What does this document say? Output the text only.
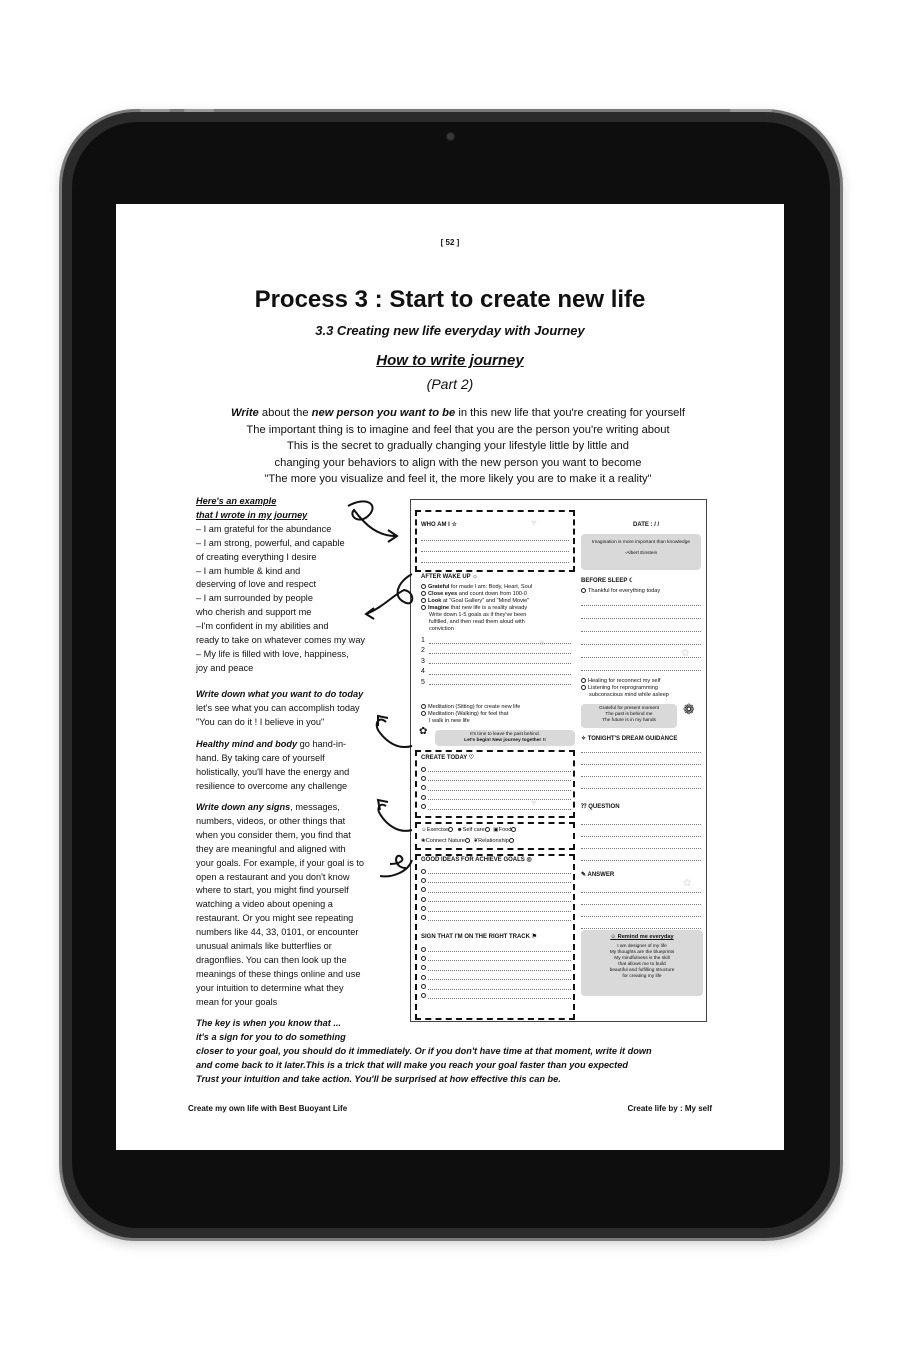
[ 52 ]
Process 3 : Start to create new life
3.3 Creating new life everyday with Journey
How to write journey
(Part 2)
Write about the new person you want to be in this new life that you're creating for yourself
The important thing is to imagine and feel that you are the person you're writing about
This is the secret to gradually changing your lifestyle little by little and
changing your behaviors to align with the new person you want to become
"The more you visualize and feel it, the more likely you are to make it a reality"
Here's an example
that I wrote in my journey
– I am grateful for the abundance
– I am strong, powerful, and capable
of creating everything I desire
– I am humble & kind and
deserving of love and respect
– I am surrounded by people
who cherish and support me
–I'm confident in my abilities and
ready to take on whatever comes my way
– My life is filled with love, happiness,
joy and peace
Write down what you want to do today
let's see what you can accomplish today
"You can do it ! I believe in you"
Healthy mind and body go hand-in-
hand. By taking care of yourself
holistically, you'll have the energy and
resilience to overcome any challenge
Write down any signs, messages,
numbers, videos, or other things that
when you consider them, you find that
they are meaningful and aligned with
your goals. For example, if your goal is to
open a restaurant and you don't know
where to start, you might find yourself
watching a video about opening a
restaurant. Or you might see repeating
numbers like 44, 33, 0101, or encounter
unusual animals like butterflies or
dragonflies. You can then look up the
meanings of these things online and use
your intuition to determine what they
mean for your goals
The key is when you know that ...
it's a sign for you to do something
closer to your goal, you should do it immediately. Or if you don't have time at that moment, write it down
and come back to it later.This is a trick that will make you reach your goal faster than you expected
Trust your intuition and take action. You'll be surprised at how effective this can be.
Create my own life with Best Buoyant Life	Create life by : My self
♥
♥
♥
✿
✿
WHO AM I ☆	DATE : / /
Imagination is more important than knowledge
-Albert Einstein
AFTER WAKE UP ☼
Grateful for made I am: Body, Heart, Soul
Close eyes and count down from 100-0
Look at "Goal Gallery" and "Mind Movie"
Imagine that new life is a reality already
Write down 1-5 goals as if they've been
fulfilled, and then read them aloud with
conviction
1
2
3
4
5
Meditation (Sitting) for create new life
Meditation (Walking) for feel that
I walk in new life
It's time to leave the past behind.
Let's begin! New journey together !!
✿
CREATE TODAY ♡
☺Exercise ☻Self care ▣Food
❀Connect Nature ❦Relationship
GOOD IDEAS FOR ACHIEVE GOALS ◎
SIGN THAT I'M ON THE RIGHT TRACK ⚑
BEFORE SLEEP ☾
Thankful for everything today
Healing for reconnect my self
Listening for reprogramming
subconscious mind while asleep
Grateful for present moment
The past is behind me
The future is in my hands
❁
✧ TONIGHT'S DREAM GUIDANCE
⁇ QUESTION
✎ ANSWER
☺ Remind me everyday
I am designer of my life
My thoughts are the blueprints
My mindfulness is the skill
that allows me to build
beautiful and fulfilling structure
for creating my life
